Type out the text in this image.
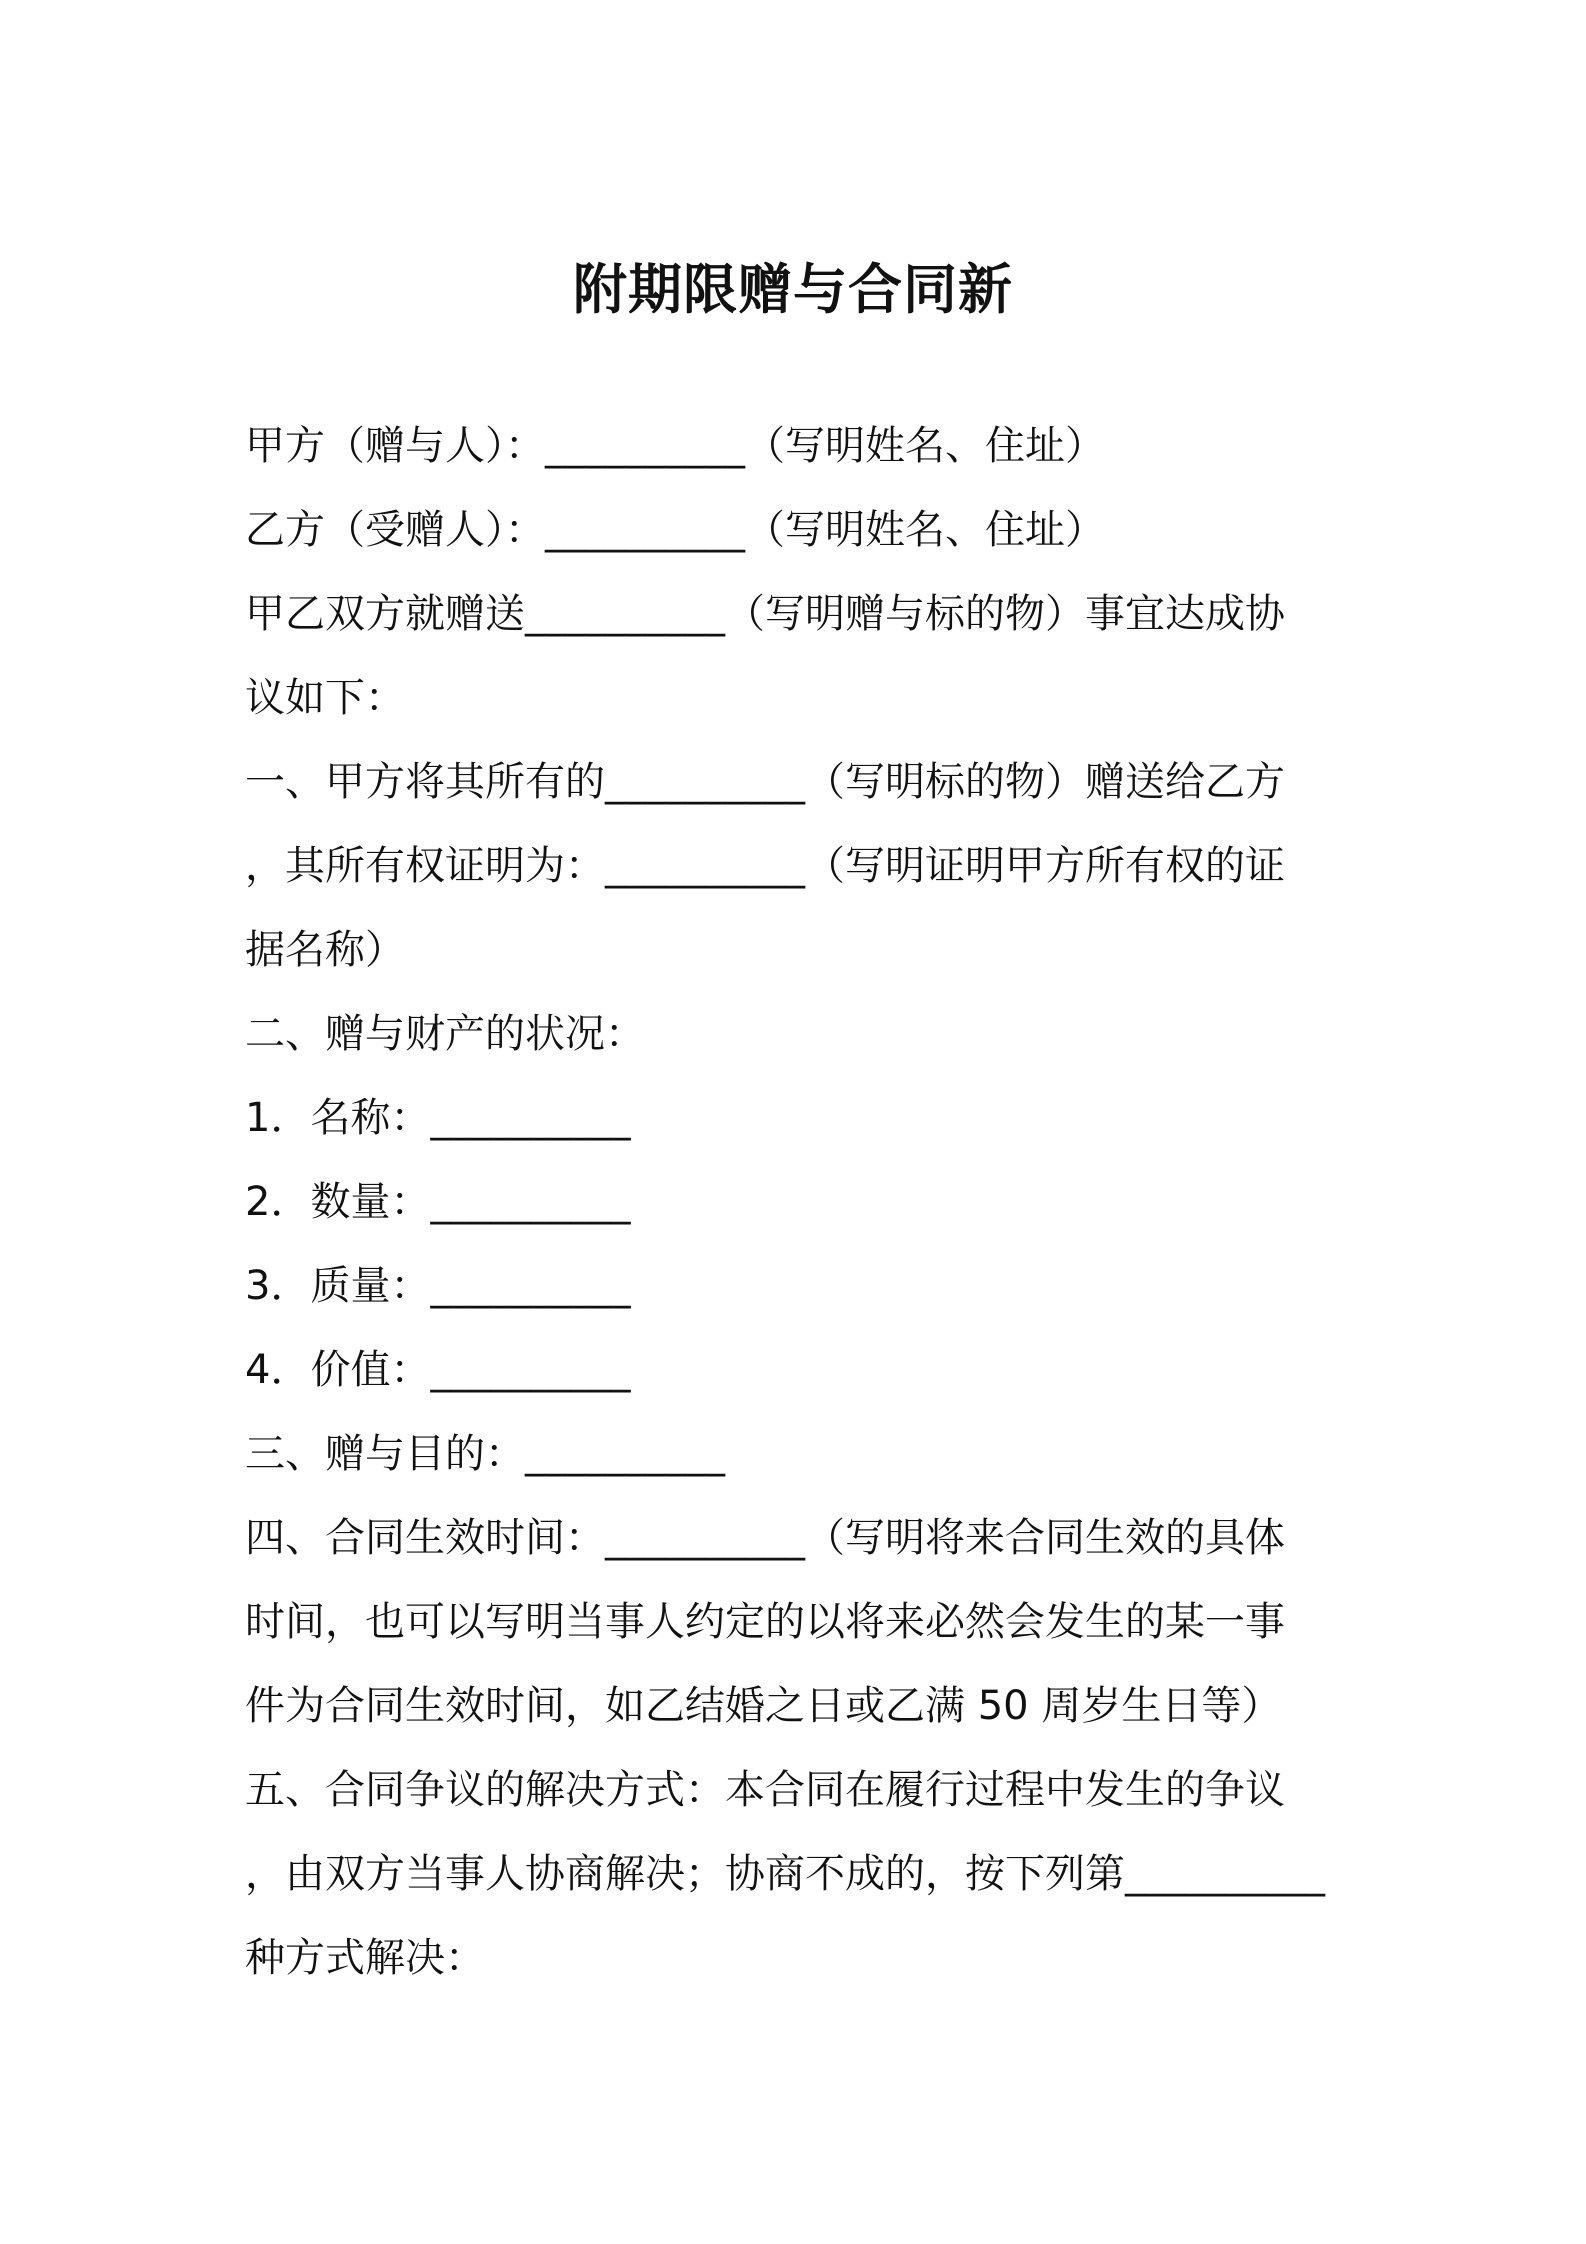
附期限赠与合同新
甲方（赠与人）：__________（写明姓名、住址）
乙方（受赠人）：__________（写明姓名、住址）
甲乙双方就赠送__________（写明赠与标的物）事宜达成协
议如下：
一、甲方将其所有的__________（写明标的物）赠送给乙方
，其所有权证明为：__________（写明证明甲方所有权的证
据名称）
二、赠与财产的状况：
1．名称：__________
2．数量：__________
3．质量：__________
4．价值：__________
三、赠与目的：__________
四、合同生效时间：__________（写明将来合同生效的具体
时间，也可以写明当事人约定的以将来必然会发生的某一事
件为合同生效时间，如乙结婚之日或乙满 50 周岁生日等）
五、合同争议的解决方式：本合同在履行过程中发生的争议
，由双方当事人协商解决；协商不成的，按下列第__________
种方式解决：
